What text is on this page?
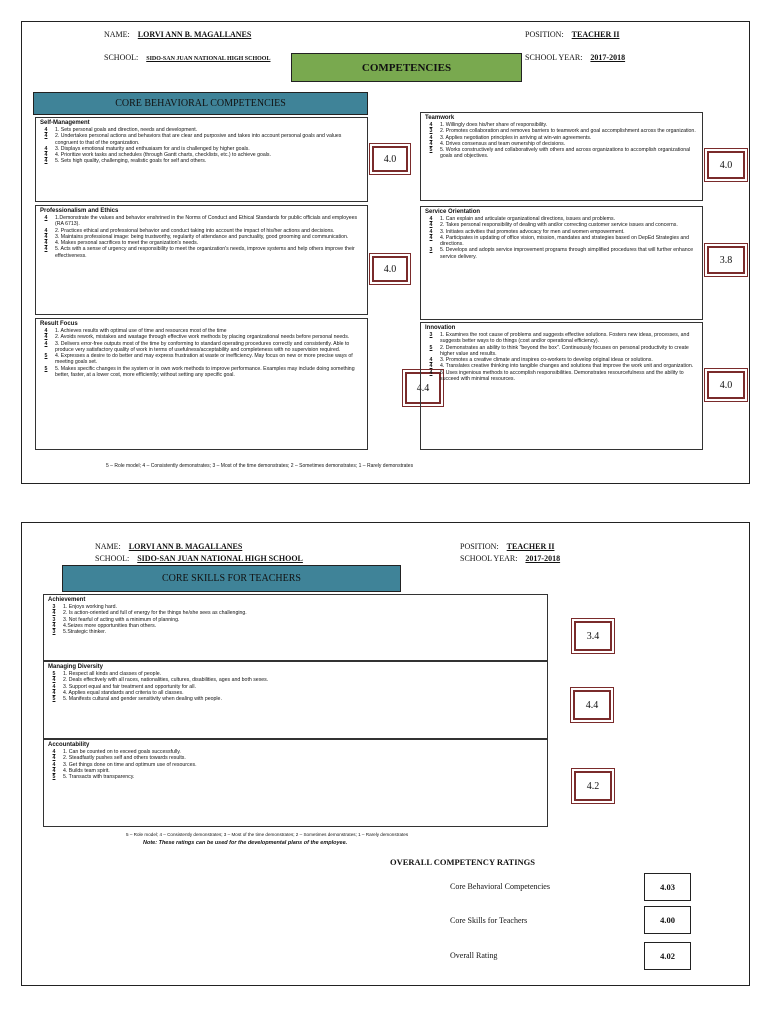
NAME: LORVI ANN B. MAGALLANES	POSITION: TEACHER II
SCHOOL: SIDO-SAN JUAN NATIONAL HIGH SCHOOL	SCHOOL YEAR: 2017-2018
COMPETENCIES
CORE BEHAVIORAL COMPETENCIES
Self-Management
4	1. Sets personal goals and direction, needs and development.
4	2. Undertakes personal actions and behaviors that are clear and purposive and takes into account personal goals and values congruent to that of the organization.
4	3. Displays emotional maturity and enthusiasm for and is challenged by higher goals.
4	4. Prioritize work tasks and schedules (through Gantt charts, checklists, etc.) to achieve goals.
4	5. Sets high quality, challenging, realistic goals for self and others.
Professionalism and Ethics
4	1.Demonstrate the values and behavior enshrined in the Norms of Conduct and Ethical Standards for public officials and employees (RA 6713).
4	2. Practices ethical and professional behavior and conduct taking into account the impact of his/her actions and decisions.
4	3. Maintains professional image: being trustworthy, regularity of attendance and punctuality, good grooming and communication.
4	4. Makes personal sacrifices to meet the organization's needs.
4	5. Acts with a sense of urgency and responsibility to meet the organization's needs, improve systems and help others improve their effectiveness.
Result Focus
4	1. Achieves results with optimal use of time and resources most of the time
4	2. Avoids rework, mistakes and wastage through effective work methods by placing organizational needs before personal needs.
4	3. Delivers error-free outputs most of the time by conforming to standard operating procedures correctly and consistently. Able to produce very satisfactory quality of work in terms of usefulness/acceptability and completeness with no supervision required.
5	4. Expresses a desire to do better and may express frustration at waste or inefficiency. May focus on new or more precise ways of meeting goals set.
5	5. Makes specific changes in the system or in own work methods to improve performance. Examples may include doing something better, faster, at a lower cost, more efficiently; without setting any specific goal.
4.0
4.0
4.4
Teamwork
4	1. Willingly does his/her share of responsibility.
3	2. Promotes collaboration and removes barriers to teamwork and goal accomplishment across the organization.
4	3. Applies negotiation principles in arriving at win-win agreements.
4	4. Drives consensus and team ownership of decisions.
5	5. Works constructively and collaboratively with others and across organizations to accomplish organizational goals and objectives.
Service Orientation
4	1. Can explain and articulate organizational directions, issues and problems.
4	2. Takes personal responsibility of dealing with and/or correcting customer service issues and concerns.
4	3. Initiates activities that promotes advocacy for men and women empowerment.
4	4. Participates in updating of office vision, mission, mandates and strategies based on DepEd Strategies and directions.
3	5. Develops and adopts service improvement programs through simplified procedures that will further enhance service delivery.
Innovation
3	1. Examines the root cause of problems and suggests effective solutions. Fosters new ideas, processes, and suggests better ways to do things (cost and/or operational efficiency).
5	2. Demonstrates an ability to think "beyond the box". Continuously focuses on personal productivity to create higher value and results.
4	3. Promotes a creative climate and inspires co-workers to develop original ideas or solutions.
4	4. Translates creative thinking into tangible changes and solutions that improve the work unit and organization.
4	5. Uses ingenious methods to accomplish responsibilities. Demonstrates resourcefulness and the ability to succeed with minimal resources.
4.0
3.8
4.0
5 – Role model; 4 – Consistently demonstrates; 3 – Most of the time demonstrates; 2 – Sometimes demonstrates; 1 – Rarely demonstrates
NAME: LORVI ANN B. MAGALLANES	POSITION: TEACHER II
SCHOOL: SIDO-SAN JUAN NATIONAL HIGH SCHOOL	SCHOOL YEAR: 2017-2018
CORE SKILLS FOR TEACHERS
Achievement
3	1. Enjoys working hard.
4	2. Is action-oriented and full of energy for the things he/she sees as challenging.
3	3. Not fearful of acting with a minimum of planning.
4	4.Seizes more opportunities than others.
3	5.Strategic thinker.
Managing Diversity
5	1. Respect all kinds and classes of people.
4	2. Deals effectively with all races, nationalities, cultures, disabilities, ages and both sexes.
4	3. Support equal and fair treatment and opportunity for all.
4	4. Applies equal standards and criteria to all classes.
5	5. Manifests cultural and gender sensitivity when dealing with people.
Accountability
4	1. Can be counted on to exceed goals successfully.
4	2. Steadfastly pushes self and others towards results.
4	3. Get things done on time and optimum use of resources.
4	4. Builds team spirit.
5	5. Transacts with transparency.
3.4
4.4
4.2
5 – Role model; 4 – Consistently demonstrates; 3 – Most of the time demonstrates; 2 – Sometimes demonstrates; 1 – Rarely demonstrates
Note: These ratings can be used for the developmental plans of the employee.
OVERALL COMPETENCY RATINGS
Core Behavioral Competencies	4.03
Core Skills for Teachers	4.00
Overall Rating	4.02
